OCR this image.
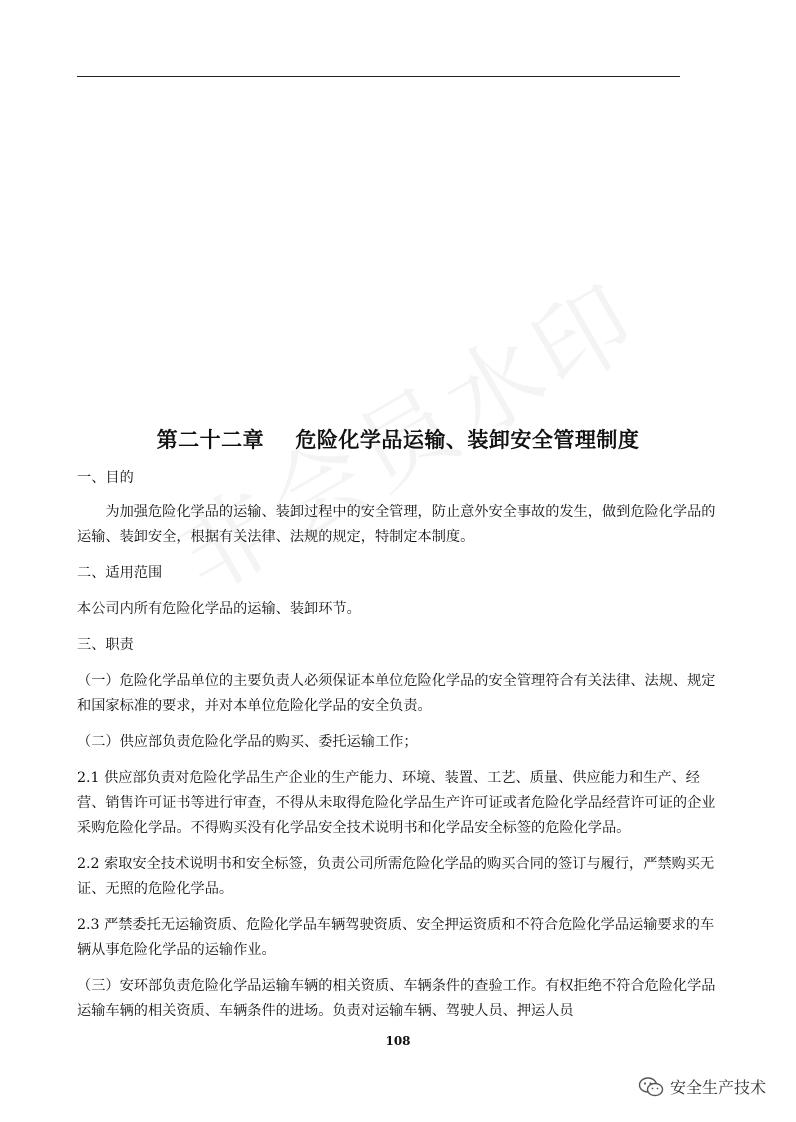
第二十二章    危险化学品运输、装卸安全管理制度

一、目的

为加强危险化学品的运输、装卸过程中的安全管理，防止意外安全事故的发生，做到危险化学品的运输、装卸安全，根据有关法律、法规的规定，特制定本制度。

二、适用范围

本公司内所有危险化学品的运输、装卸环节。

三、职责

（一）危险化学品单位的主要负责人必须保证本单位危险化学品的安全管理符合有关法律、法规、规定和国家标准的要求，并对本单位危险化学品的安全负责。

（二）供应部负责危险化学品的购买、委托运输工作；

2.1 供应部负责对危险化学品生产企业的生产能力、环境、装置、工艺、质量、供应能力和生产、经营、销售许可证书等进行审查，不得从未取得危险化学品生产许可证或者危险化学品经营许可证的企业采购危险化学品。不得购买没有化学品安全技术说明书和化学品安全标签的危险化学品。

2.2 索取安全技术说明书和安全标签，负责公司所需危险化学品的购买合同的签订与履行，严禁购买无证、无照的危险化学品。

2.3 严禁委托无运输资质、危险化学品车辆驾驶资质、安全押运资质和不符合危险化学品运输要求的车辆从事危险化学品的运输作业。

（三）安环部负责危险化学品运输车辆的相关资质、车辆条件的查验工作。有权拒绝不符合危险化学品运输车辆的相关资质、车辆条件的进场。负责对运输车辆、驾驶人员、押运人员

108
安全生产技术
